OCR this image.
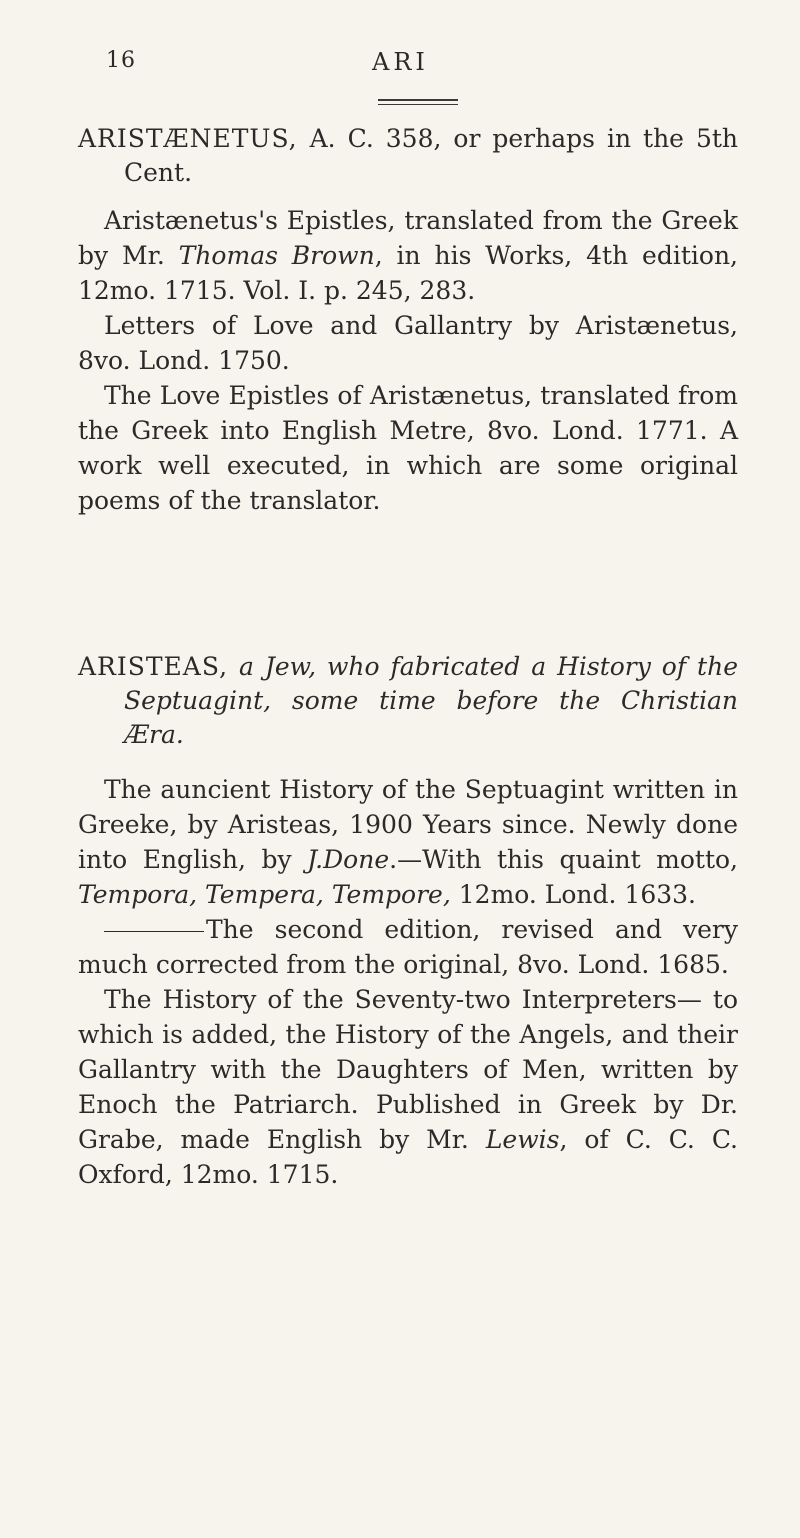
16	ARI

ARISTÆNETUS, A. C. 358, or perhaps in the 5th Cent.

Aristænetus's Epistles, translated from the Greek by Mr. Thomas Brown, in his Works, 4th edition, 12mo. 1715. Vol. I. p. 245, 283.

Letters of Love and Gallantry by Aristænetus, 8vo. Lond. 1750.

The Love Epistles of Aristænetus, translated from the Greek into English Metre, 8vo. Lond. 1771. A work well executed, in which are some original poems of the translator.

ARISTEAS, a Jew, who fabricated a History of the Septuagint, some time before the Christian Æra.

The auncient History of the Septuagint written in Greeke, by Aristeas, 1900 Years since. Newly done into English, by J.Done.—With this quaint motto, Tempora, Tempera, Tempore, 12mo. Lond. 1633.

The second edition, revised and very much corrected from the original, 8vo. Lond. 1685.

The History of the Seventy-two Interpreters— to which is added, the History of the Angels, and their Gallantry with the Daughters of Men, written by Enoch the Patriarch. Published in Greek by Dr. Grabe, made English by Mr. Lewis, of C. C. C. Oxford, 12mo. 1715.
